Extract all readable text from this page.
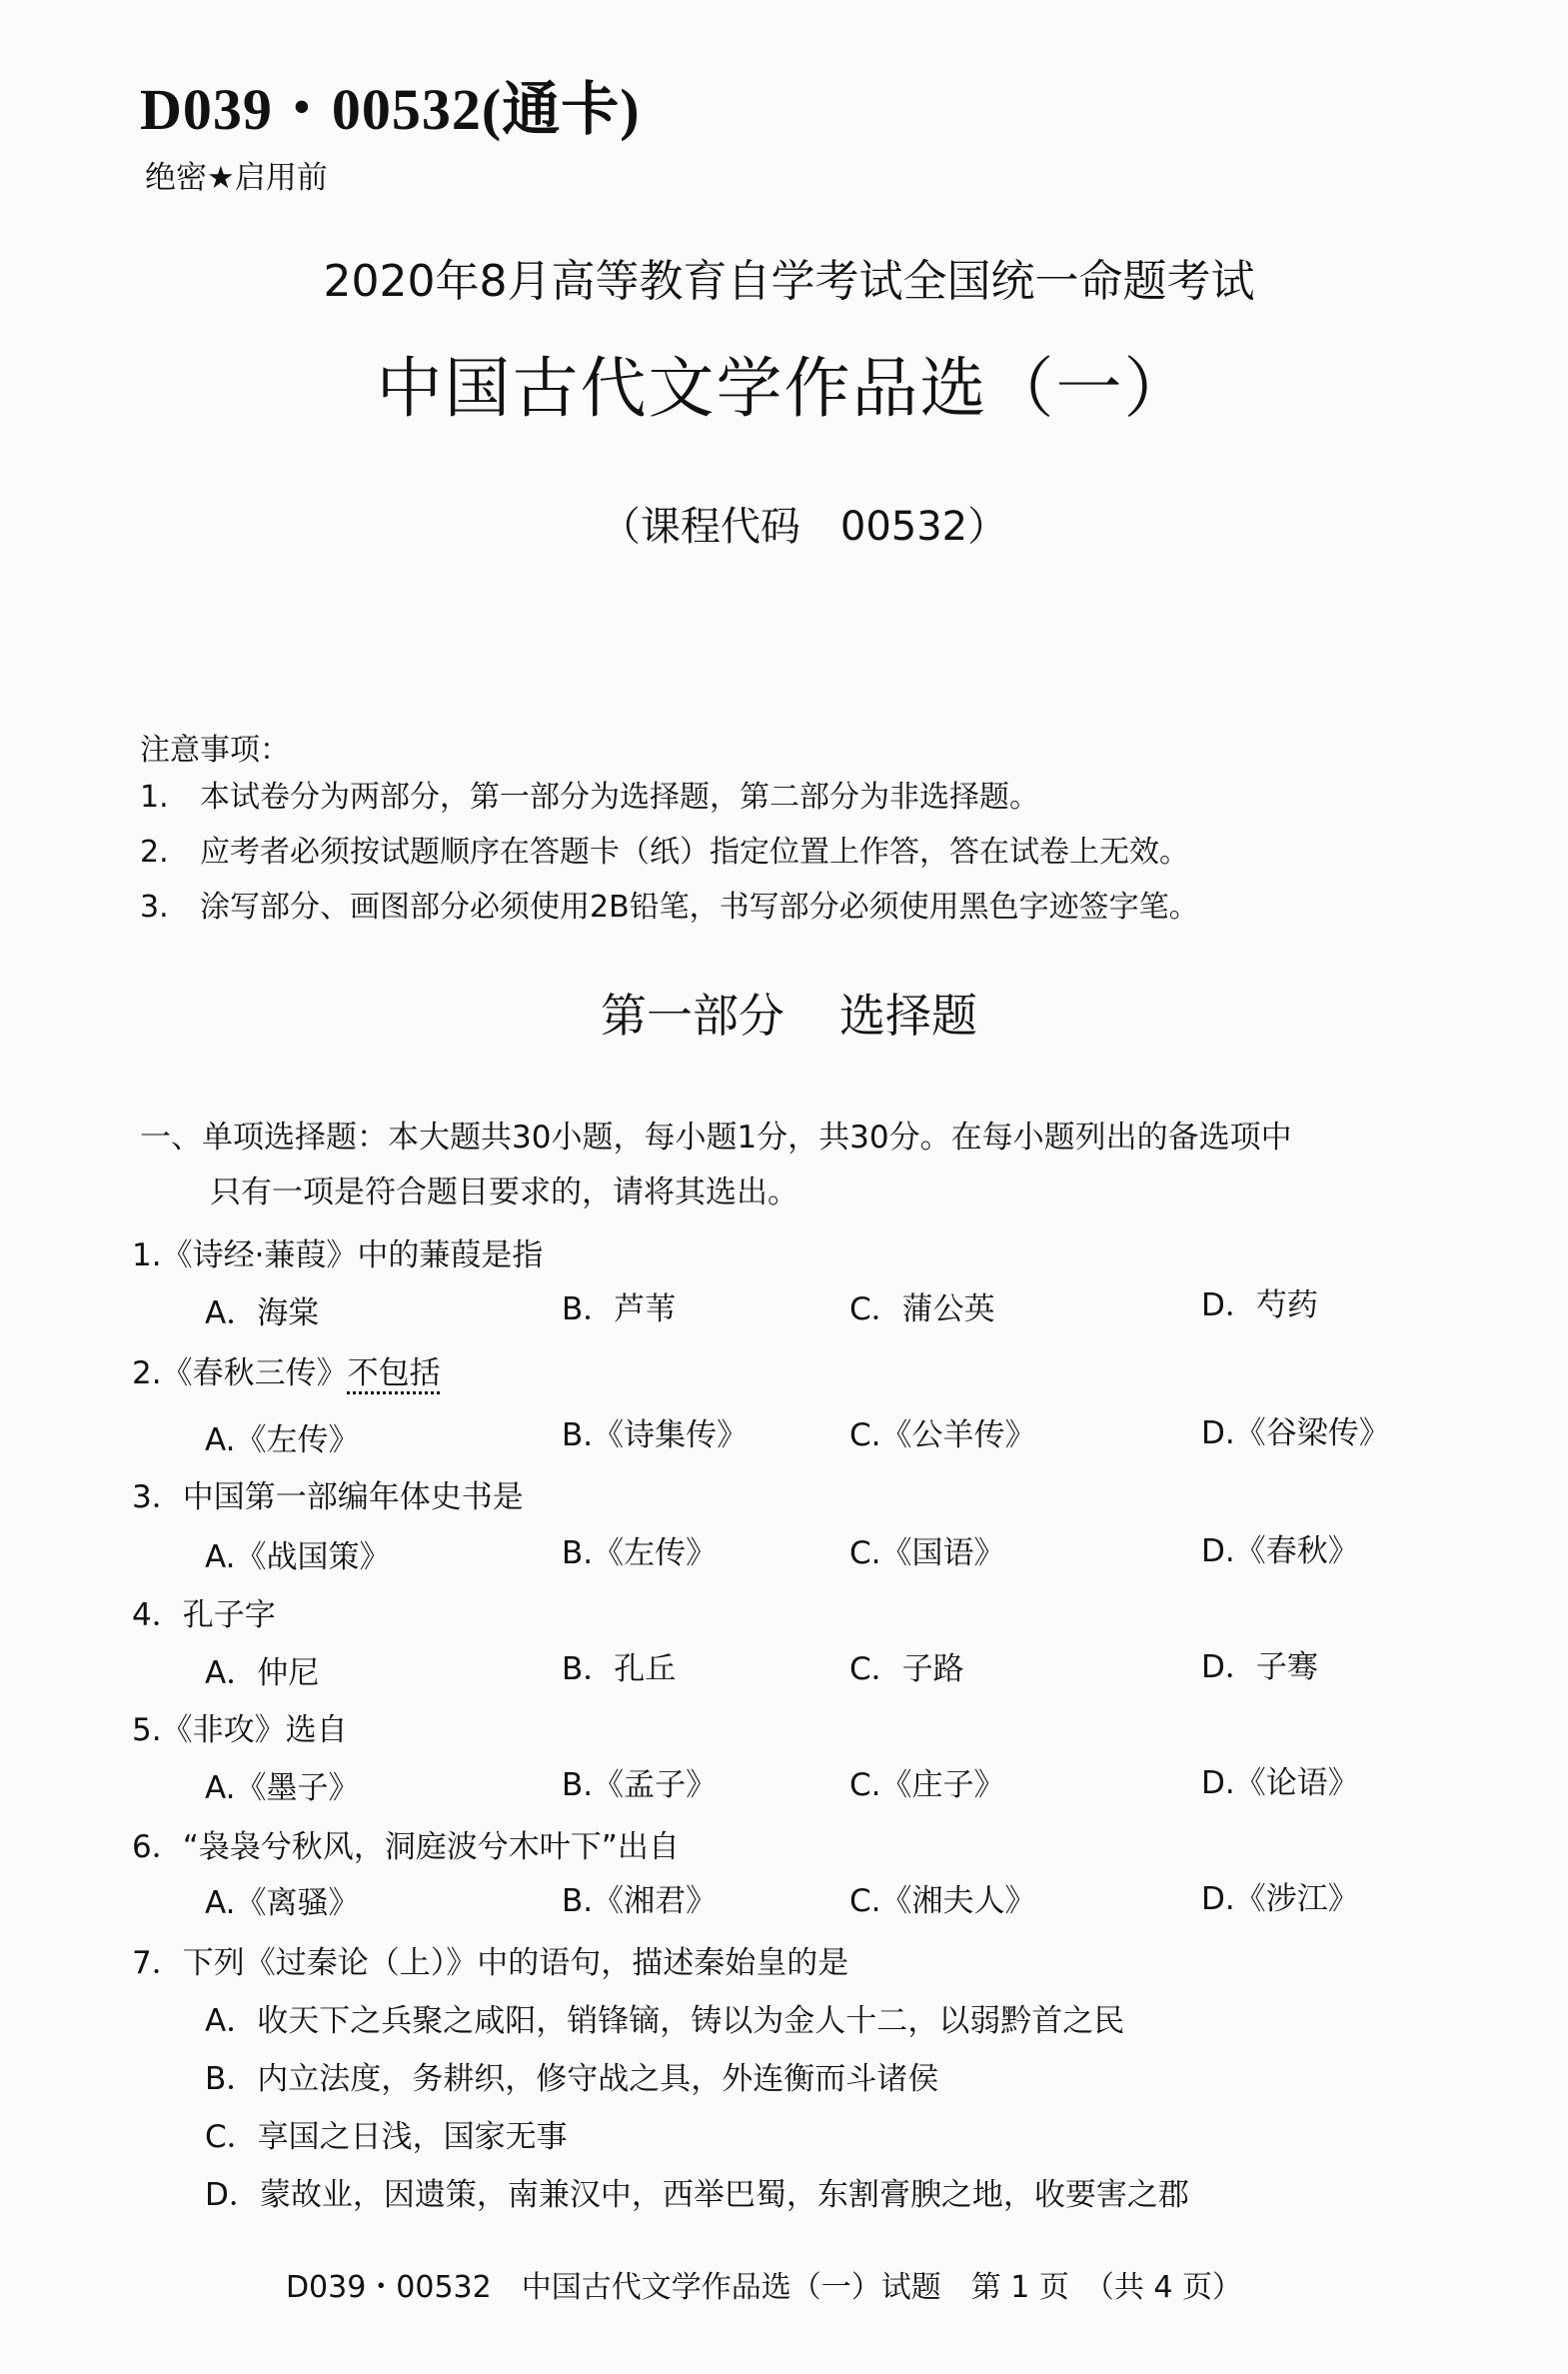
D039・00532(通卡)
绝密★启用前
2020年8月高等教育自学考试全国统一命题考试
中国古代文学作品选（一）
（课程代码　00532）
注意事项：
1. 本试卷分为两部分，第一部分为选择题，第二部分为非选择题。
2. 应考者必须按试题顺序在答题卡（纸）指定位置上作答，答在试卷上无效。
3. 涂写部分、画图部分必须使用2B铅笔，书写部分必须使用黑色字迹签字笔。
第一部分 选择题
一、单项选择题：本大题共30小题，每小题1分，共30分。在每小题列出的备选项中
只有一项是符合题目要求的，请将其选出。
1.《诗经·蒹葭》中的蒹葭是指
A．海棠	B．芦苇	C．蒲公英	D．芍药
2.《春秋三传》不包括
A.《左传》	B.《诗集传》	C.《公羊传》	D.《谷梁传》
3．中国第一部编年体史书是
A.《战国策》	B.《左传》	C.《国语》	D.《春秋》
4．孔子字
A．仲尼	B．孔丘	C．子路	D．子骞
5.《非攻》选自
A.《墨子》	B.《孟子》	C.《庄子》	D.《论语》
6．“袅袅兮秋风，洞庭波兮木叶下”出自
A.《离骚》	B.《湘君》	C.《湘夫人》	D.《涉江》
7．下列《过秦论（上）》中的语句，描述秦始皇的是
A．收天下之兵聚之咸阳，销锋镝，铸以为金人十二，以弱黔首之民
B．内立法度，务耕织，修守战之具，外连衡而斗诸侯
C．享国之日浅，国家无事
D．蒙故业，因遗策，南兼汉中，西举巴蜀，东割膏腴之地，收要害之郡
D039・00532　中国古代文学作品选（一）试题　第 1 页　（共 4 页）
